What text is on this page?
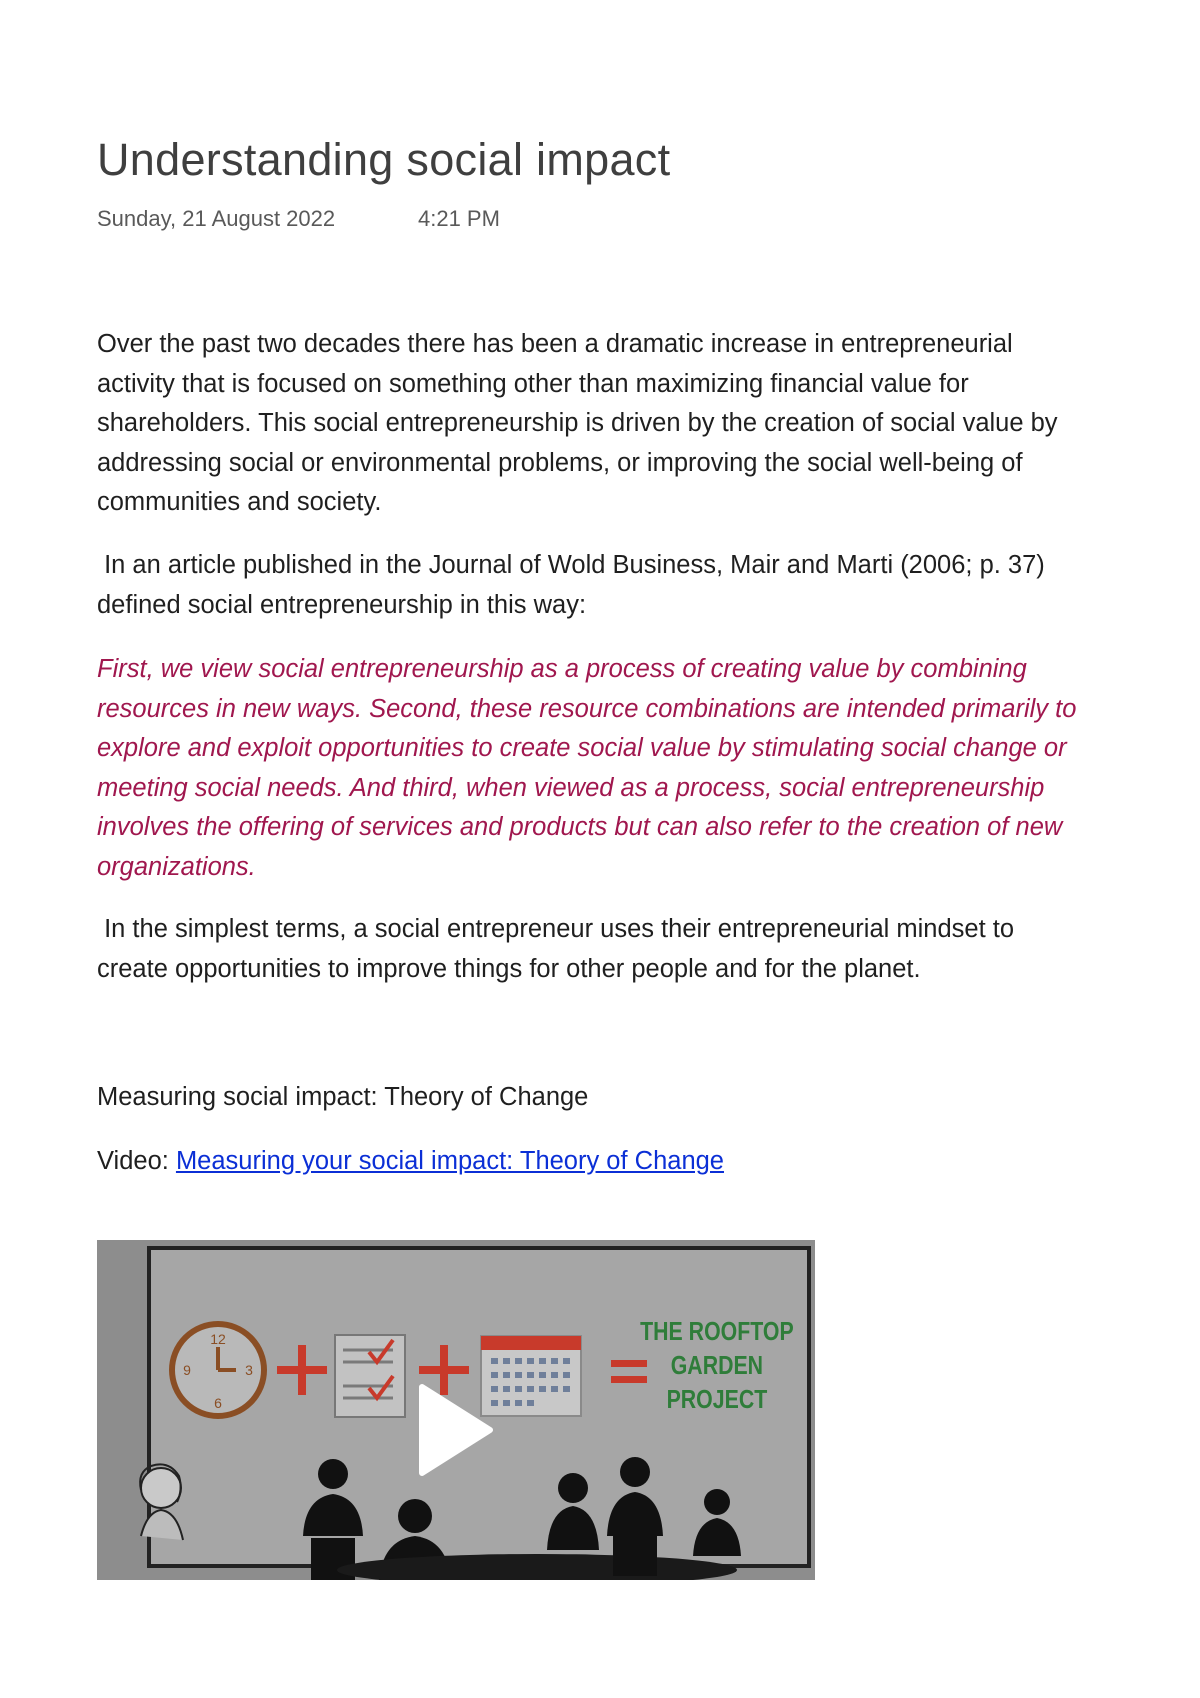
Understanding social impact
Sunday, 21 August 2022	4:21 PM
Over the past two decades there has been a dramatic increase in entrepreneurial
activity that is focused on something other than maximizing financial value for
shareholders. This social entrepreneurship is driven by the creation of social value by
addressing social or environmental problems, or improving the social well-being of
communities and society.
In an article published in the Journal of Wold Business, Mair and Marti (2006; p. 37)
defined social entrepreneurship in this way:
First, we view social entrepreneurship as a process of creating value by combining
resources in new ways. Second, these resource combinations are intended primarily to
explore and exploit opportunities to create social value by stimulating social change or
meeting social needs. And third, when viewed as a process, social entrepreneurship
involves the offering of services and products but can also refer to the creation of new
organizations.
In the simplest terms, a social entrepreneur uses their entrepreneurial mindset to
create opportunities to improve things for other people and for the planet.
Measuring social impact: Theory of Change
Video: Measuring your social impact: Theory of Change
12
3
6
9
THE ROOFTOP
GARDEN
PROJECT
